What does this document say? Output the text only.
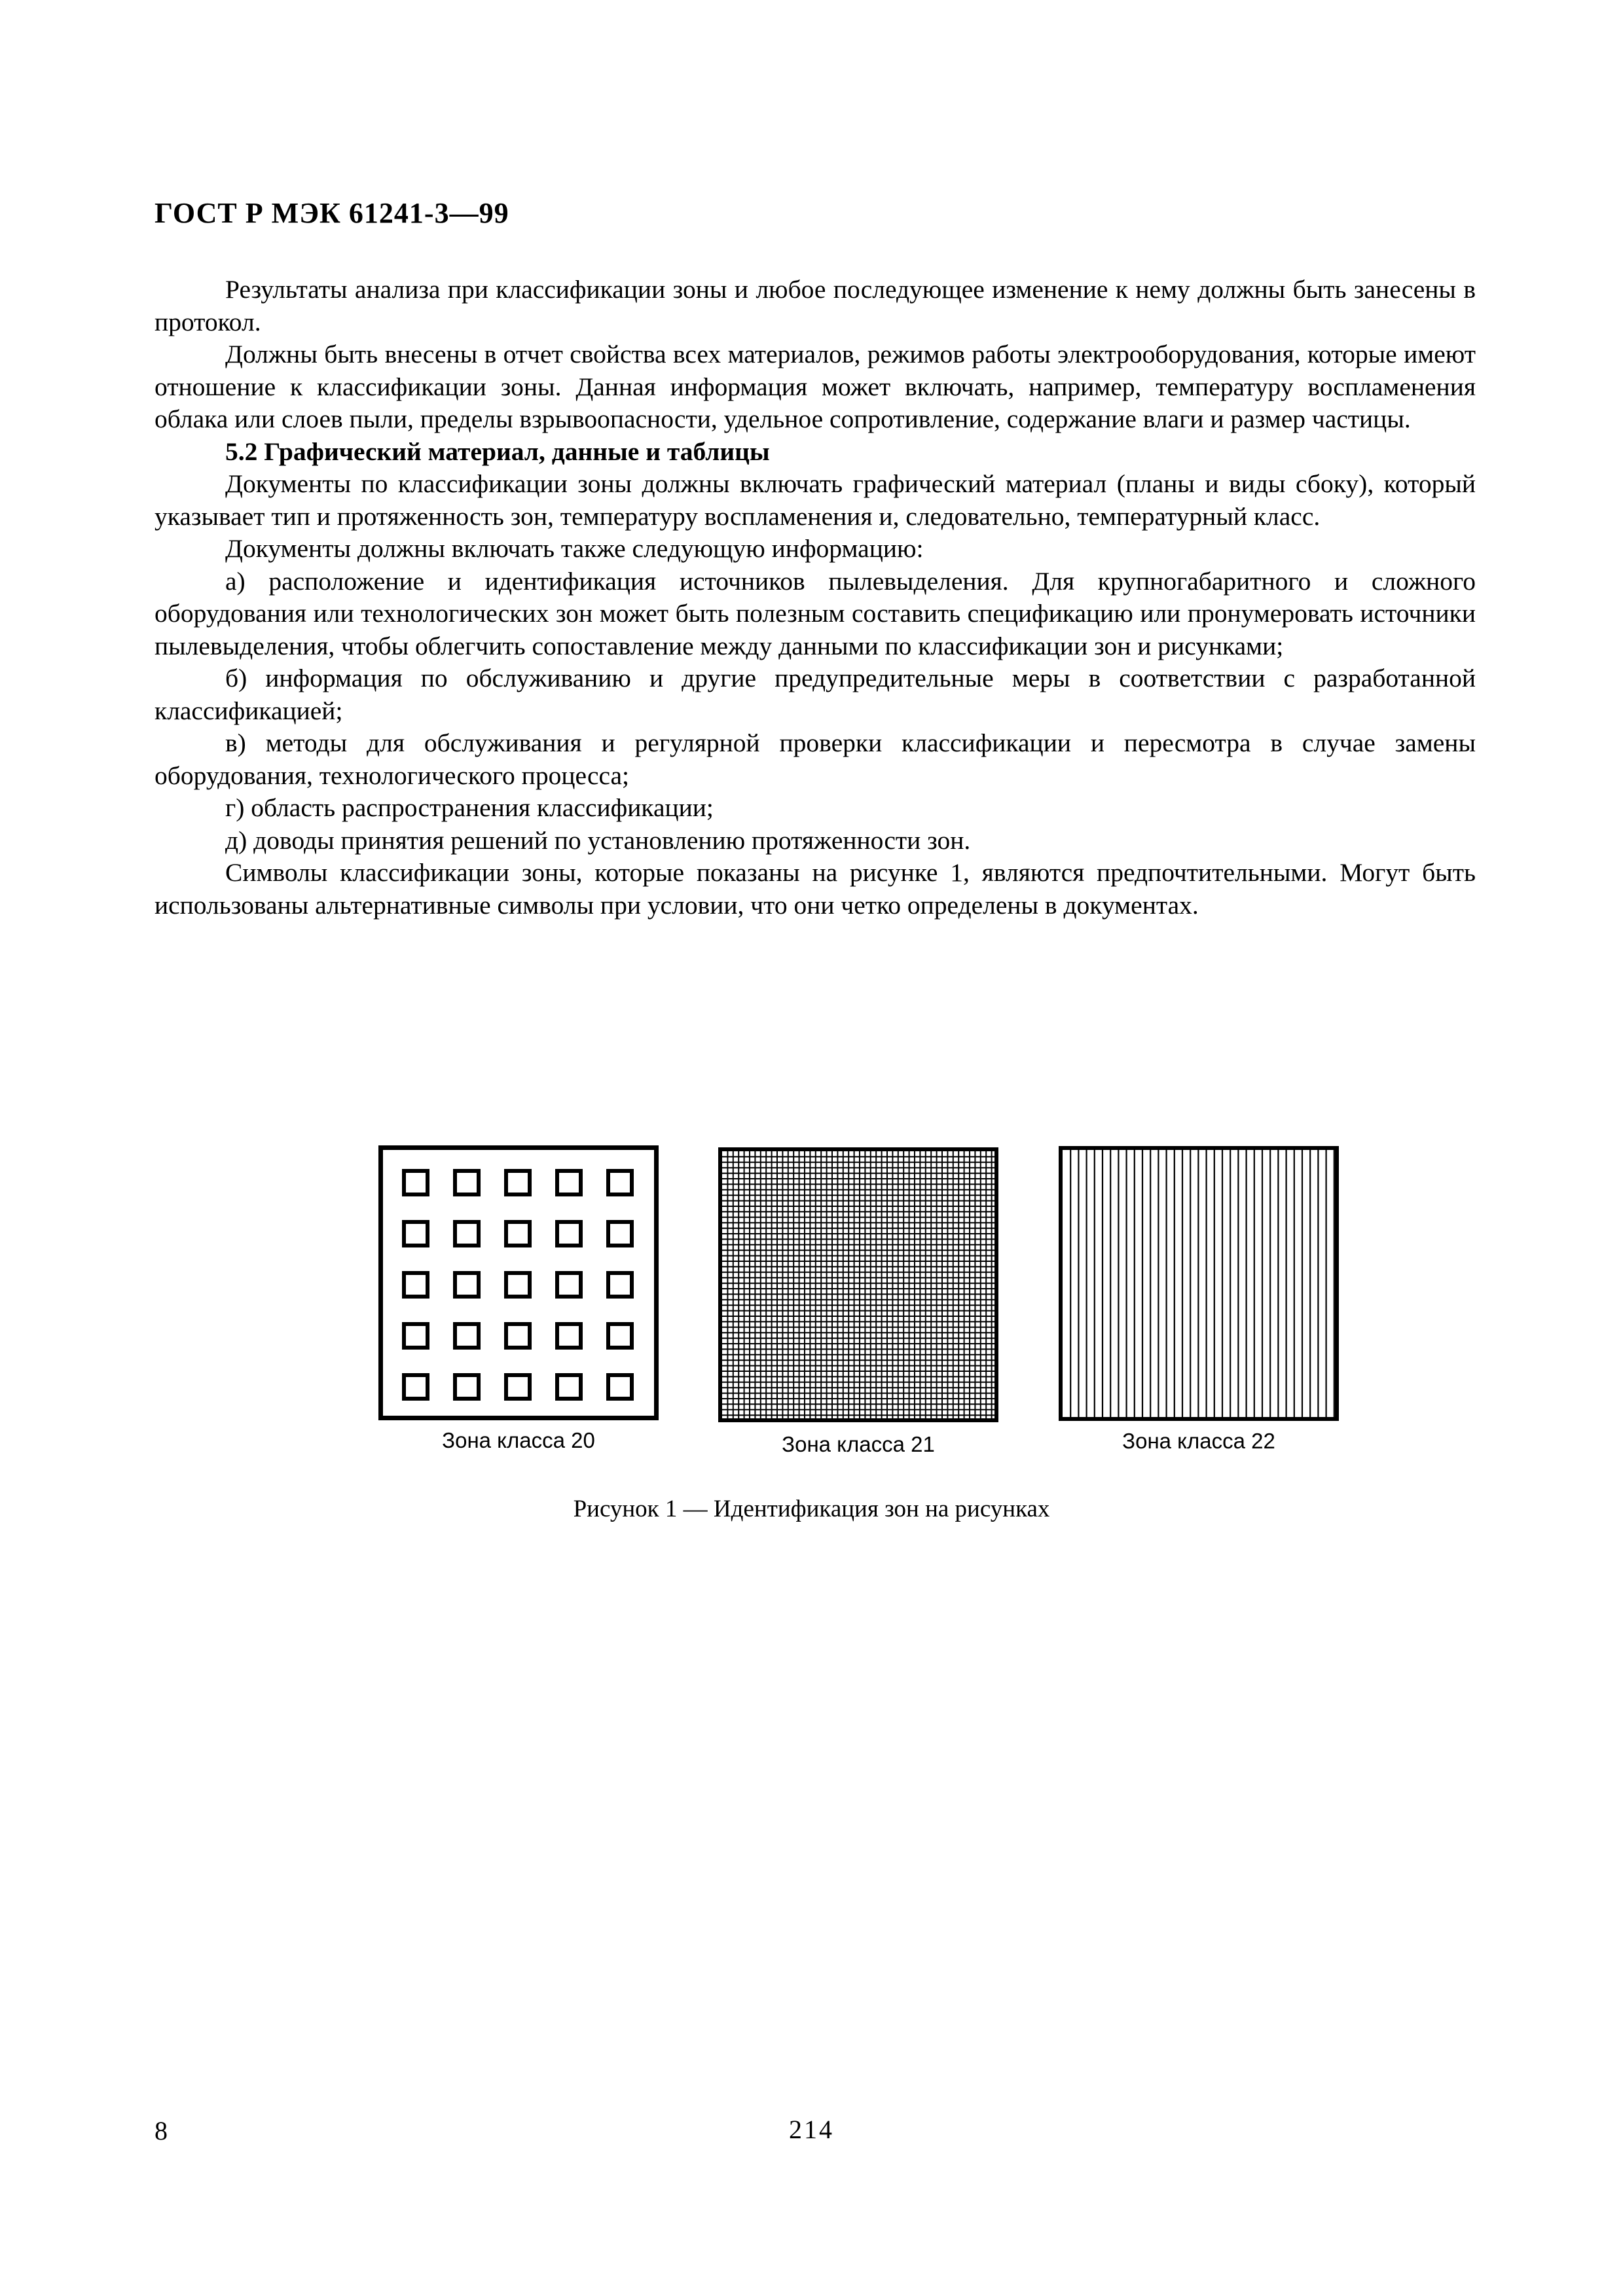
ГОСТ Р МЭК 61241-3—99

Результаты анализа при классификации зоны и любое последующее изменение к нему должны быть занесены в протокол.

Должны быть внесены в отчет свойства всех материалов, режимов работы электрооборудования, которые имеют отношение к классификации зоны. Данная информация может включать, например, температуру воспламенения облака или слоев пыли, пределы взрывоопасности, удельное сопротивление, содержание влаги и размер частицы.

5.2 Графический материал, данные и таблицы

Документы по классификации зоны должны включать графический материал (планы и виды сбоку), который указывает тип и протяженность зон, температуру воспламенения и, следовательно, температурный класс.

Документы должны включать также следующую информацию:

а) расположение и идентификация источников пылевыделения. Для крупногабаритного и сложного оборудования или технологических зон может быть полезным составить спецификацию или пронумеровать источники пылевыделения, чтобы облегчить сопоставление между данными по классификации зон и рисунками;

б) информация по обслуживанию и другие предупредительные меры в соответствии с разработанной классификацией;

в) методы для обслуживания и регулярной проверки классификации и пересмотра в случае замены оборудования, технологического процесса;

г) область распространения классификации;

д) доводы принятия решений по установлению протяженности зон.

Символы классификации зоны, которые показаны на рисунке 1, являются предпочтительными. Могут быть использованы альтернативные символы при условии, что они четко определены в документах.

Зона класса 20	Зона класса 21	Зона класса 22
Рисунок 1 — Идентификация зон на рисунках
8	214
